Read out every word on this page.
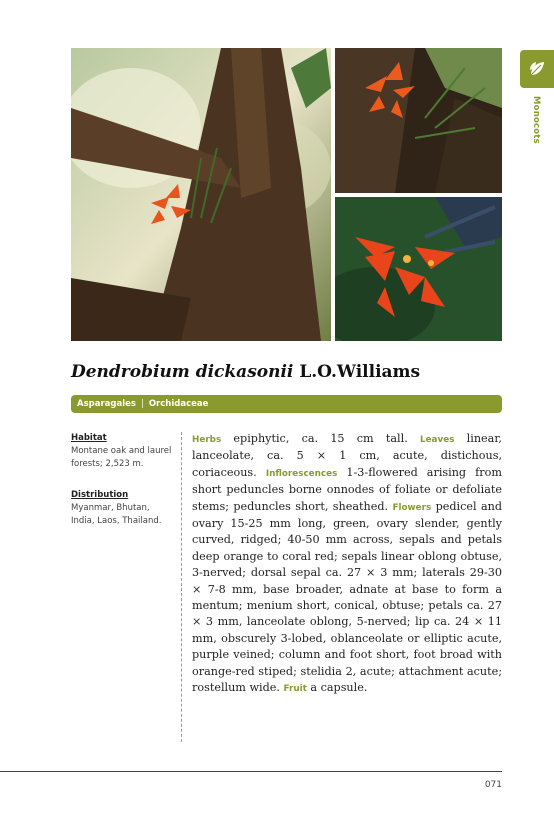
Monocots
Dendrobium dickasonii L.O.Williams
Asparagales | Orchidaceae
Habitat
Montane oak and laurel forests; 2,523 m.
Distribution
Myanmar, Bhutan, India, Laos, Thailand.
Herbs epiphytic, ca. 15 cm tall. Leaves linear, lanceolate, ca. 5 × 1 cm, acute, distichous, coriaceous. Inflorescences 1-3-flowered arising from short peduncles borne onnodes of foliate or defoliate stems; peduncles short, sheathed. Flowers pedicel and ovary 15-25 mm long, green, ovary slender, gently curved, ridged; 40-50 mm across, sepals and petals deep orange to coral red; sepals linear oblong obtuse, 3-nerved; dorsal sepal ca. 27 × 3 mm; laterals 29-30 × 7-8 mm, base broader, adnate at base to form a mentum; menium short, conical, obtuse; petals ca. 27 × 3 mm, lanceolate oblong, 5-nerved; lip ca. 24 × 11 mm, obscurely 3-lobed, oblanceolate or elliptic acute, purple veined; column and foot short, foot broad with orange-red stiped; stelidia 2, acute; attachment acute; rostellum wide. Fruit a capsule.
071
